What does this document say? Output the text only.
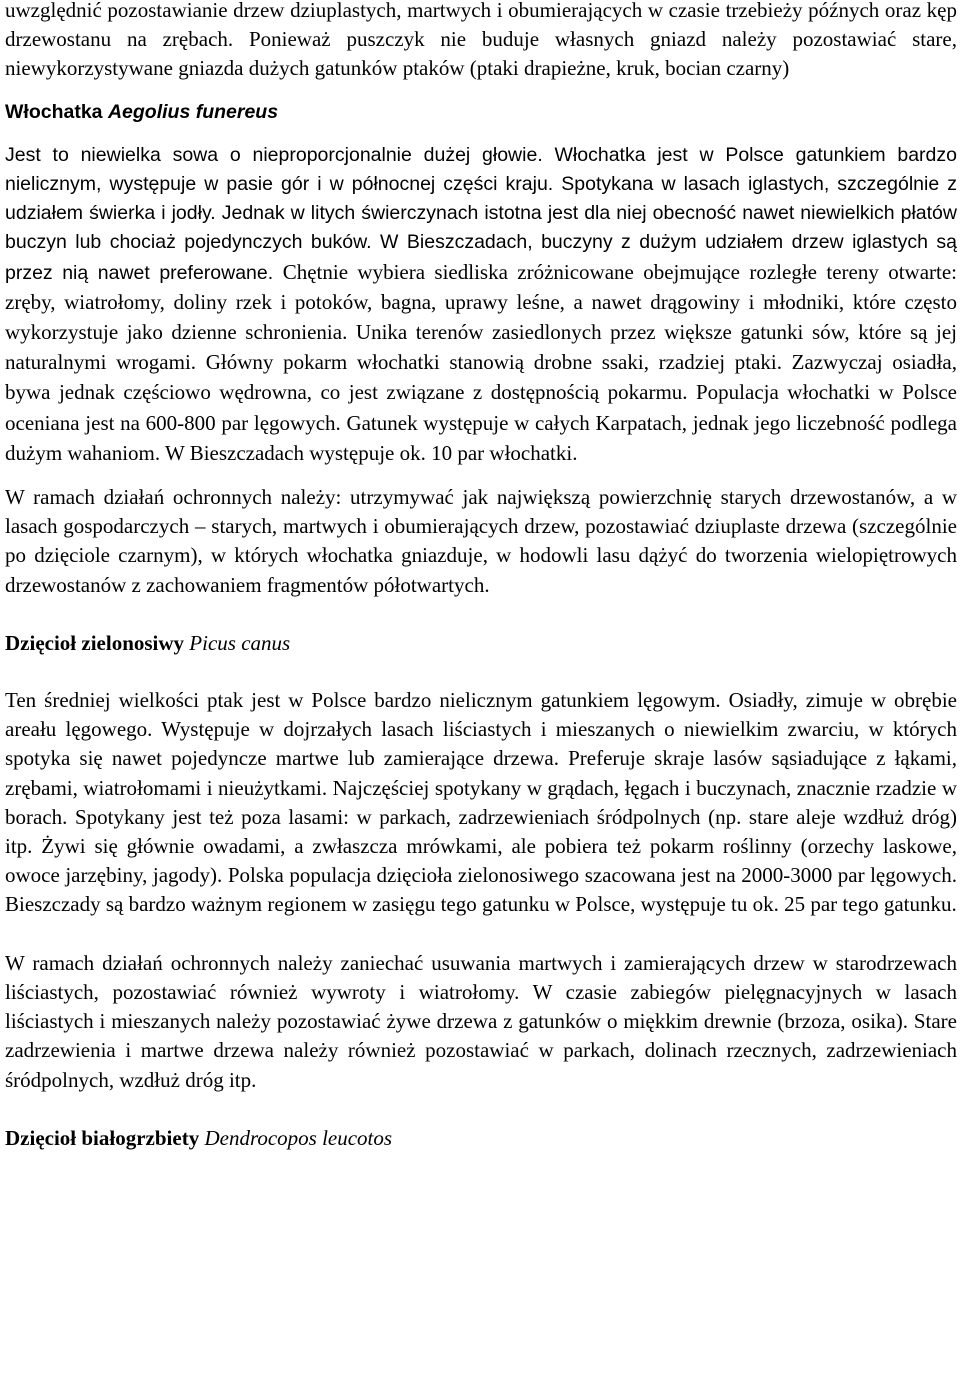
uwzględnić pozostawianie drzew dziuplastych, martwych i obumierających w czasie trzebieży późnych oraz kęp drzewostanu na zrębach. Ponieważ puszczyk nie buduje własnych gniazd należy pozostawiać stare, niewykorzystywane gniazda dużych gatunków ptaków (ptaki drapieżne, kruk, bocian czarny)

Włochatka Aegolius funereus

Jest to niewielka sowa o nieproporcjonalnie dużej głowie. Włochatka jest w Polsce gatunkiem bardzo nielicznym, występuje w pasie gór i w północnej części kraju. Spotykana w lasach iglastych, szczególnie z udziałem świerka i jodły. Jednak w litych świerczynach istotna jest dla niej obecność nawet niewielkich płatów buczyn lub chociaż pojedynczych buków. W Bieszczadach, buczyny z dużym udziałem drzew iglastych są przez nią nawet preferowane. Chętnie wybiera siedliska zróżnicowane obejmujące rozległe tereny otwarte: zręby, wiatrołomy, doliny rzek i potoków, bagna, uprawy leśne, a nawet drągowiny i młodniki, które często wykorzystuje jako dzienne schronienia. Unika terenów zasiedlonych przez większe gatunki sów, które są jej naturalnymi wrogami. Główny pokarm włochatki stanowią drobne ssaki, rzadziej ptaki. Zazwyczaj osiadła, bywa jednak częściowo wędrowna, co jest związane z dostępnością pokarmu. Populacja włochatki w Polsce oceniana jest na 600-800 par lęgowych. Gatunek występuje w całych Karpatach, jednak jego liczebność podlega dużym wahaniom. W Bieszczadach występuje ok. 10 par włochatki.

W ramach działań ochronnych należy: utrzymywać jak największą powierzchnię starych drzewostanów, a w lasach gospodarczych – starych, martwych i obumierających drzew, pozostawiać dziuplaste drzewa (szczególnie po dzięciole czarnym), w których włochatka gniazduje, w hodowli lasu dążyć do tworzenia wielopiętrowych drzewostanów z zachowaniem fragmentów półotwartych.

Dzięcioł zielonosiwy Picus canus

Ten średniej wielkości ptak jest w Polsce bardzo nielicznym gatunkiem lęgowym. Osiadły, zimuje w obrębie areału lęgowego. Występuje w dojrzałych lasach liściastych i mieszanych o niewielkim zwarciu, w których spotyka się nawet pojedyncze martwe lub zamierające drzewa. Preferuje skraje lasów sąsiadujące z łąkami, zrębami, wiatrołomami i nieużytkami. Najczęściej spotykany w grądach, łęgach i buczynach, znacznie rzadzie w borach. Spotykany jest też poza lasami: w parkach, zadrzewieniach śródpolnych (np. stare aleje wzdłuż dróg) itp. Żywi się głównie owadami, a zwłaszcza mrówkami, ale pobiera też pokarm roślinny (orzechy laskowe, owoce jarzębiny, jagody). Polska populacja dzięcioła zielonosiwego szacowana jest na 2000-3000 par lęgowych. Bieszczady są bardzo ważnym regionem w zasięgu tego gatunku w Polsce, występuje tu ok. 25 par tego gatunku.

W ramach działań ochronnych należy zaniechać usuwania martwych i zamierających drzew w starodrzewach liściastych, pozostawiać również wywroty i wiatrołomy. W czasie zabiegów pielęgnacyjnych w lasach liściastych i mieszanych należy pozostawiać żywe drzewa z gatunków o miękkim drewnie (brzoza, osika). Stare zadrzewienia i martwe drzewa należy również pozostawiać w parkach, dolinach rzecznych, zadrzewieniach śródpolnych, wzdłuż dróg itp.

Dzięcioł białogrzbiety Dendrocopos leucotos
